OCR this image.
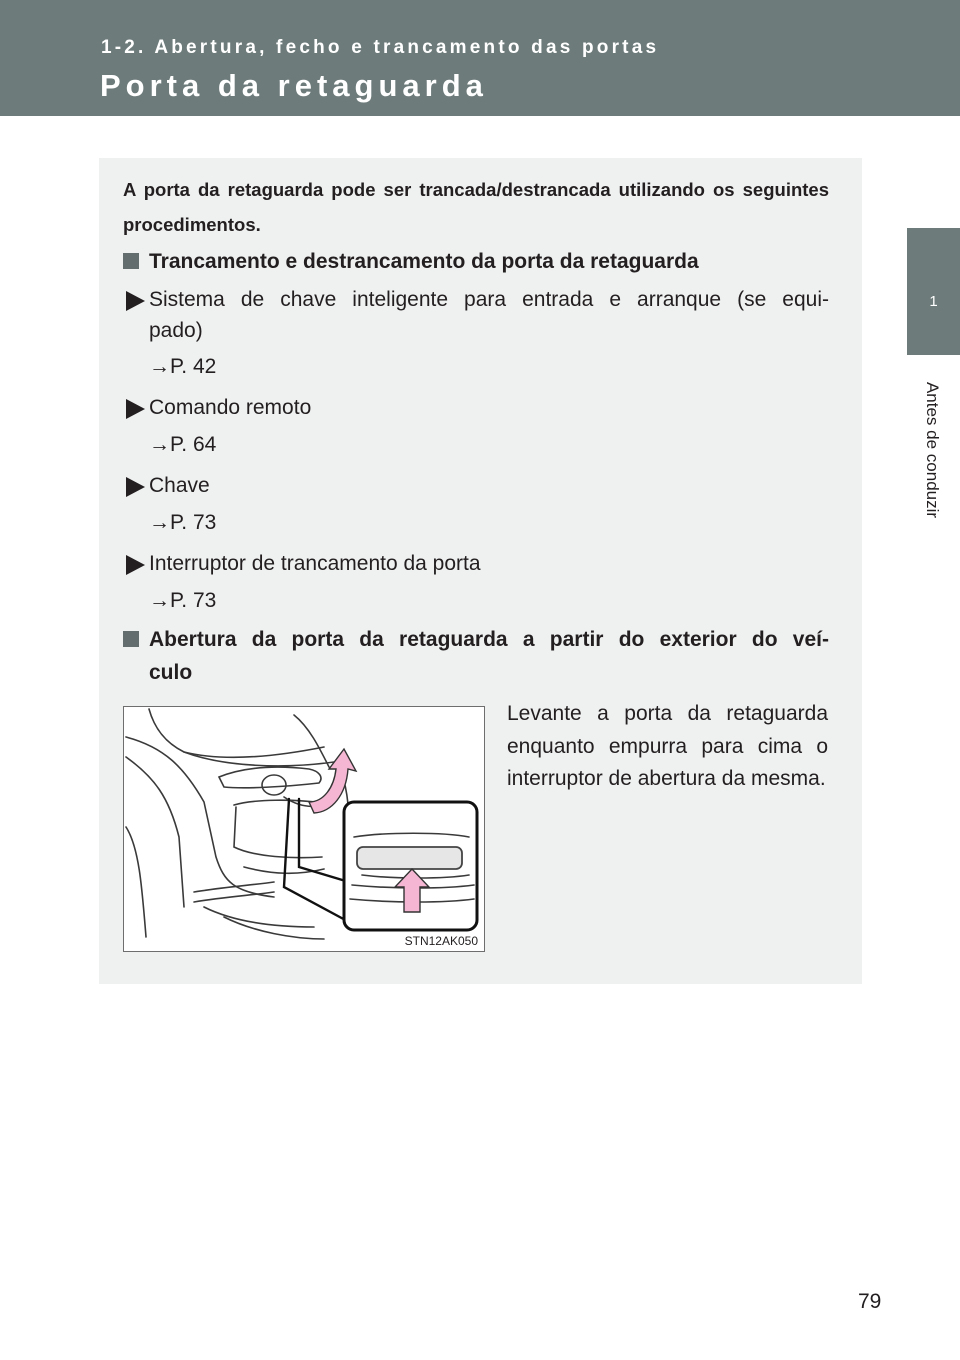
1-2. Abertura, fecho e trancamento das portas
Porta da retaguarda
1
Antes de conduzir
A porta da retaguarda pode ser trancada/destrancada utilizando os seguintes procedimentos.
Trancamento e destrancamento da porta da retaguarda
Sistema de chave inteligente para entrada e arranque (se equi-
pado)
→P. 42
Comando remoto
→P. 64
Chave
→P. 73
Interruptor de trancamento da porta
→P. 73
Abertura da porta da retaguarda a partir do exterior do veí-
culo
STN12AK050
Levante a porta da retaguarda enquanto empurra para cima o interruptor de abertura da mesma.
79
